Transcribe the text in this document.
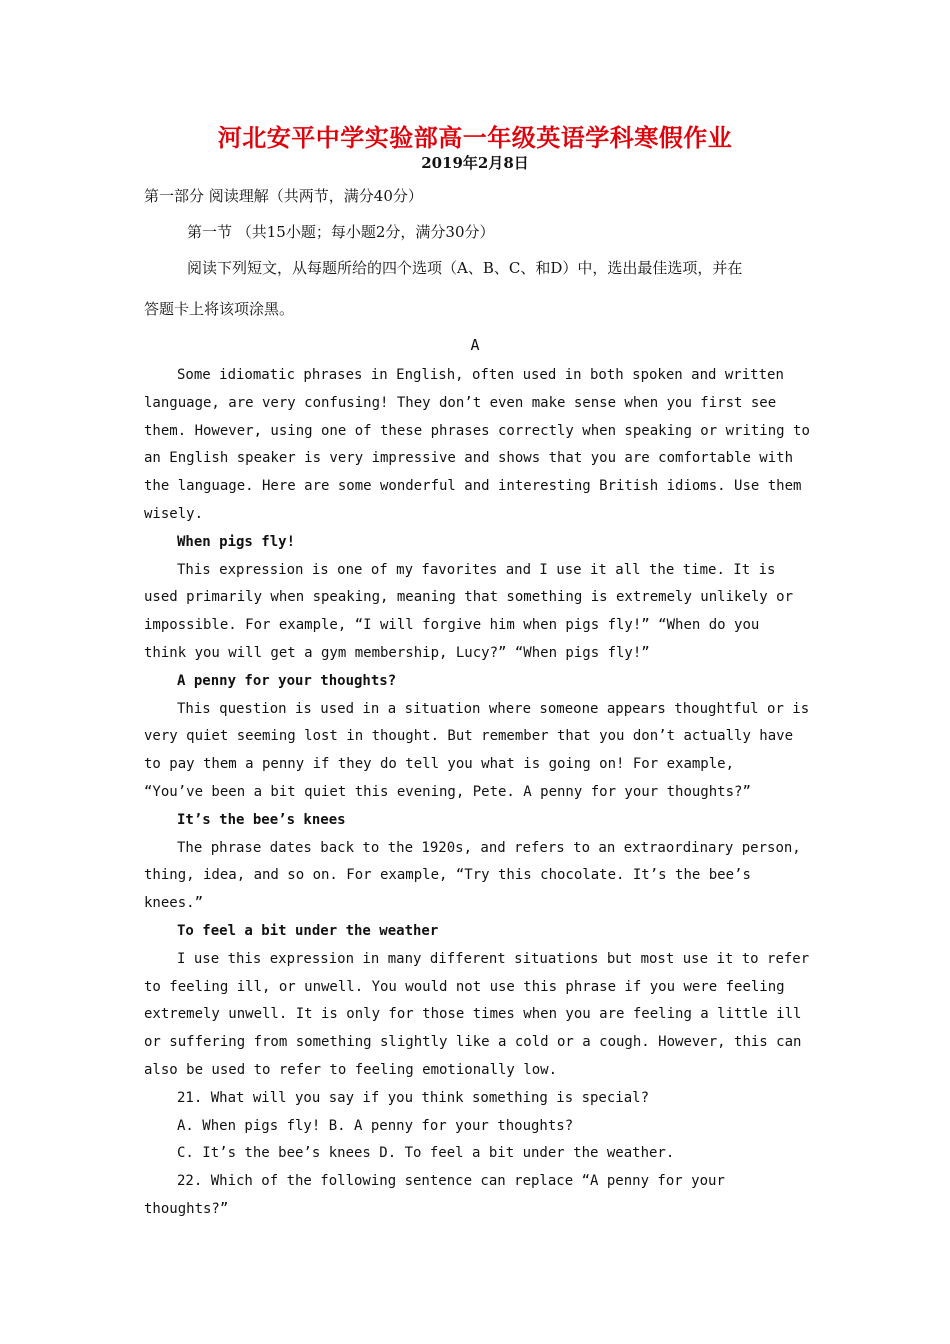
河北安平中学实验部高一年级英语学科寒假作业
2019年2月8日
第一部分 阅读理解（共两节，满分40分）
第一节 （共15小题；每小题2分，满分30分）
阅读下列短文，从每题所给的四个选项（A、B、C、和D）中，选出最佳选项，并在
答题卡上将该项涂黑。
A
Some idiomatic phrases in English, often used in both spoken and written
language, are very confusing! They don’t even make sense when you first see
them. However, using one of these phrases correctly when speaking or writing to
an English speaker is very impressive and shows that you are comfortable with
the language. Here are some wonderful and interesting British idioms. Use them
wisely.
When pigs fly!
This expression is one of my favorites and I use it all the time. It is
used primarily when speaking, meaning that something is extremely unlikely or
impossible. For example, “I will forgive him when pigs fly!” “When do you
think you will get a gym membership, Lucy?” “When pigs fly!”
A penny for your thoughts?
This question is used in a situation where someone appears thoughtful or is
very quiet seeming lost in thought. But remember that you don’t actually have
to pay them a penny if they do tell you what is going on! For example,
“You’ve been a bit quiet this evening, Pete. A penny for your thoughts?”
It’s the bee’s knees
The phrase dates back to the 1920s, and refers to an extraordinary person,
thing, idea, and so on. For example, “Try this chocolate. It’s the bee’s
knees.”
To feel a bit under the weather
I use this expression in many different situations but most use it to refer
to feeling ill, or unwell. You would not use this phrase if you were feeling
extremely unwell. It is only for those times when you are feeling a little ill
or suffering from something slightly like a cold or a cough. However, this can
also be used to refer to feeling emotionally low.
21. What will you say if you think something is special?
A. When pigs fly! B. A penny for your thoughts?
C. It’s the bee’s knees D. To feel a bit under the weather.
22. Which of the following sentence can replace “A penny for your
thoughts?”
